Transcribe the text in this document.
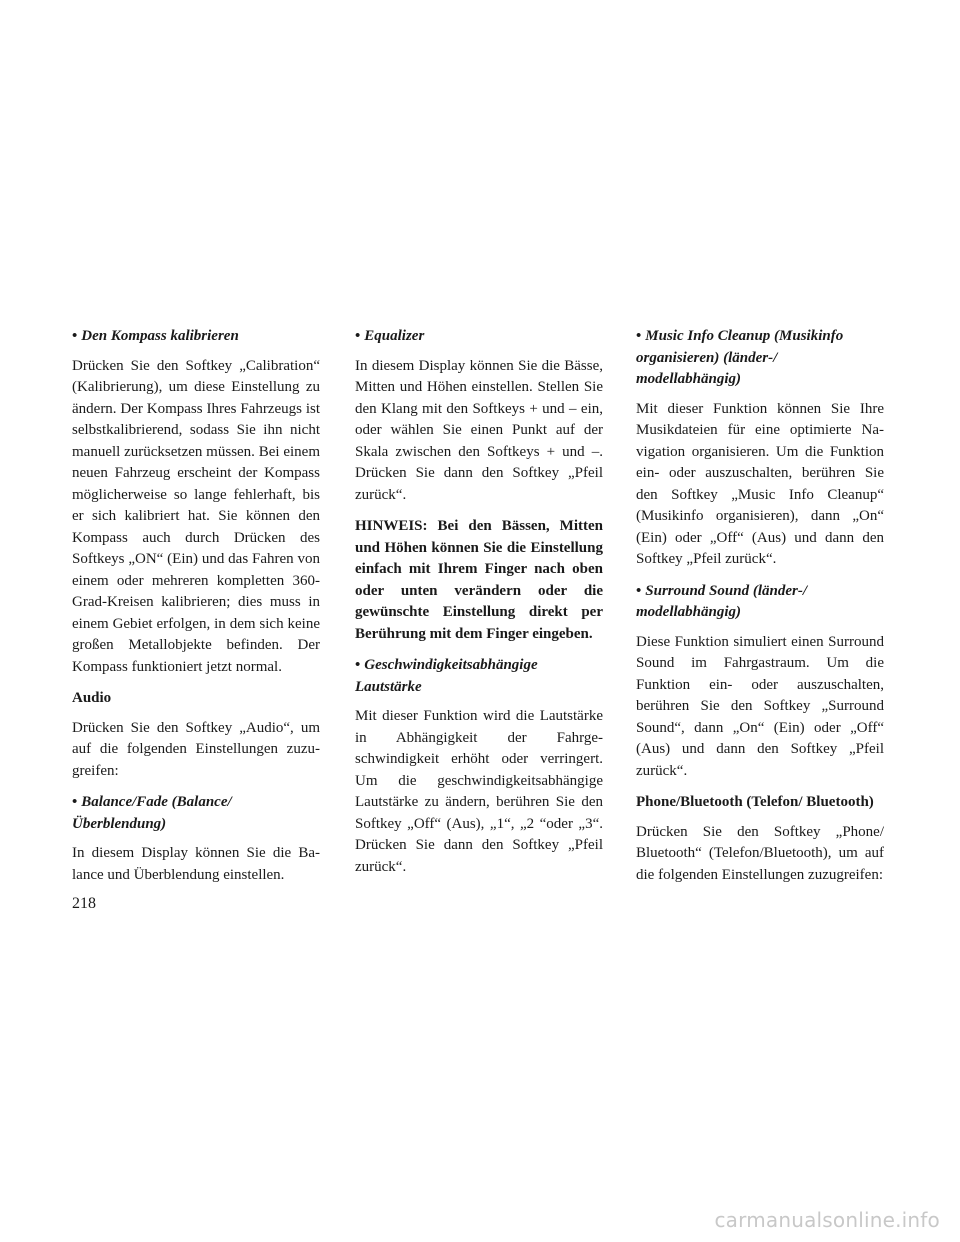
• Den Kompass kalibrieren

Drücken Sie den Softkey „Calibration“ (Kalibrierung), um diese Einstellung zu ändern. Der Kompass Ihres Fahrzeugs ist selbstkalibrierend, sodass Sie ihn nicht manuell zurücksetzen müssen. Bei einem neuen Fahrzeug erscheint der Kompass möglicherweise so lange fehlerhaft, bis er sich kalibriert hat. Sie können den Kompass auch durch Drücken des Softkeys „ON“ (Ein) und das Fahren von einem oder mehreren kompletten 360-Grad-Kreisen kalibrieren; dies muss in einem Gebiet erfolgen, in dem sich keine großen Metallobjekte befinden. Der Kompass funktioniert jetzt normal.

Audio

Drücken Sie den Softkey „Audio“, um auf die folgenden Einstellungen zuzugreifen:

• Balance/Fade (Balance/ Überblendung)

In diesem Display können Sie die Balance und Überblendung einstellen.

• Equalizer

In diesem Display können Sie die Bässe, Mitten und Höhen einstellen. Stellen Sie den Klang mit den Softkeys + und – ein, oder wählen Sie einen Punkt auf der Skala zwischen den Softkeys + und –. Drücken Sie dann den Softkey „Pfeil zurück“.

HINWEIS: Bei den Bässen, Mitten und Höhen können Sie die Einstellung einfach mit Ihrem Finger nach oben oder unten verändern oder die gewünschte Einstellung direkt per Berührung mit dem Finger eingeben.

• Geschwindigkeitsabhängige Lautstärke

Mit dieser Funktion wird die Lautstärke in Abhängigkeit der Fahrgeschwindigkeit erhöht oder verringert. Um die geschwindigkeitsabhängige Lautstärke zu ändern, berühren Sie den Softkey „Off“ (Aus), „1“, „2 “oder „3“. Drücken Sie dann den Softkey „Pfeil zurück“.

• Music Info Cleanup (Musikinfo organisieren) (länder-/ modellabhängig)

Mit dieser Funktion können Sie Ihre Musikdateien für eine optimierte Navigation organisieren. Um die Funktion ein- oder auszuschalten, berühren Sie den Softkey „Music Info Cleanup“ (Musikinfo organisieren), dann „On“ (Ein) oder „Off“ (Aus) und dann den Softkey „Pfeil zurück“.

• Surround Sound (länder-/ modellabhängig)

Diese Funktion simuliert einen Surround Sound im Fahrgastraum. Um die Funktion ein- oder auszuschalten, berühren Sie den Softkey „Surround Sound“, dann „On“ (Ein) oder „Off“ (Aus) und dann den Softkey „Pfeil zurück“.

Phone/Bluetooth (Telefon/ Bluetooth)

Drücken Sie den Softkey „Phone/ Bluetooth“ (Telefon/Bluetooth), um auf die folgenden Einstellungen zuzugreifen:

218
carmanualsonline.info
